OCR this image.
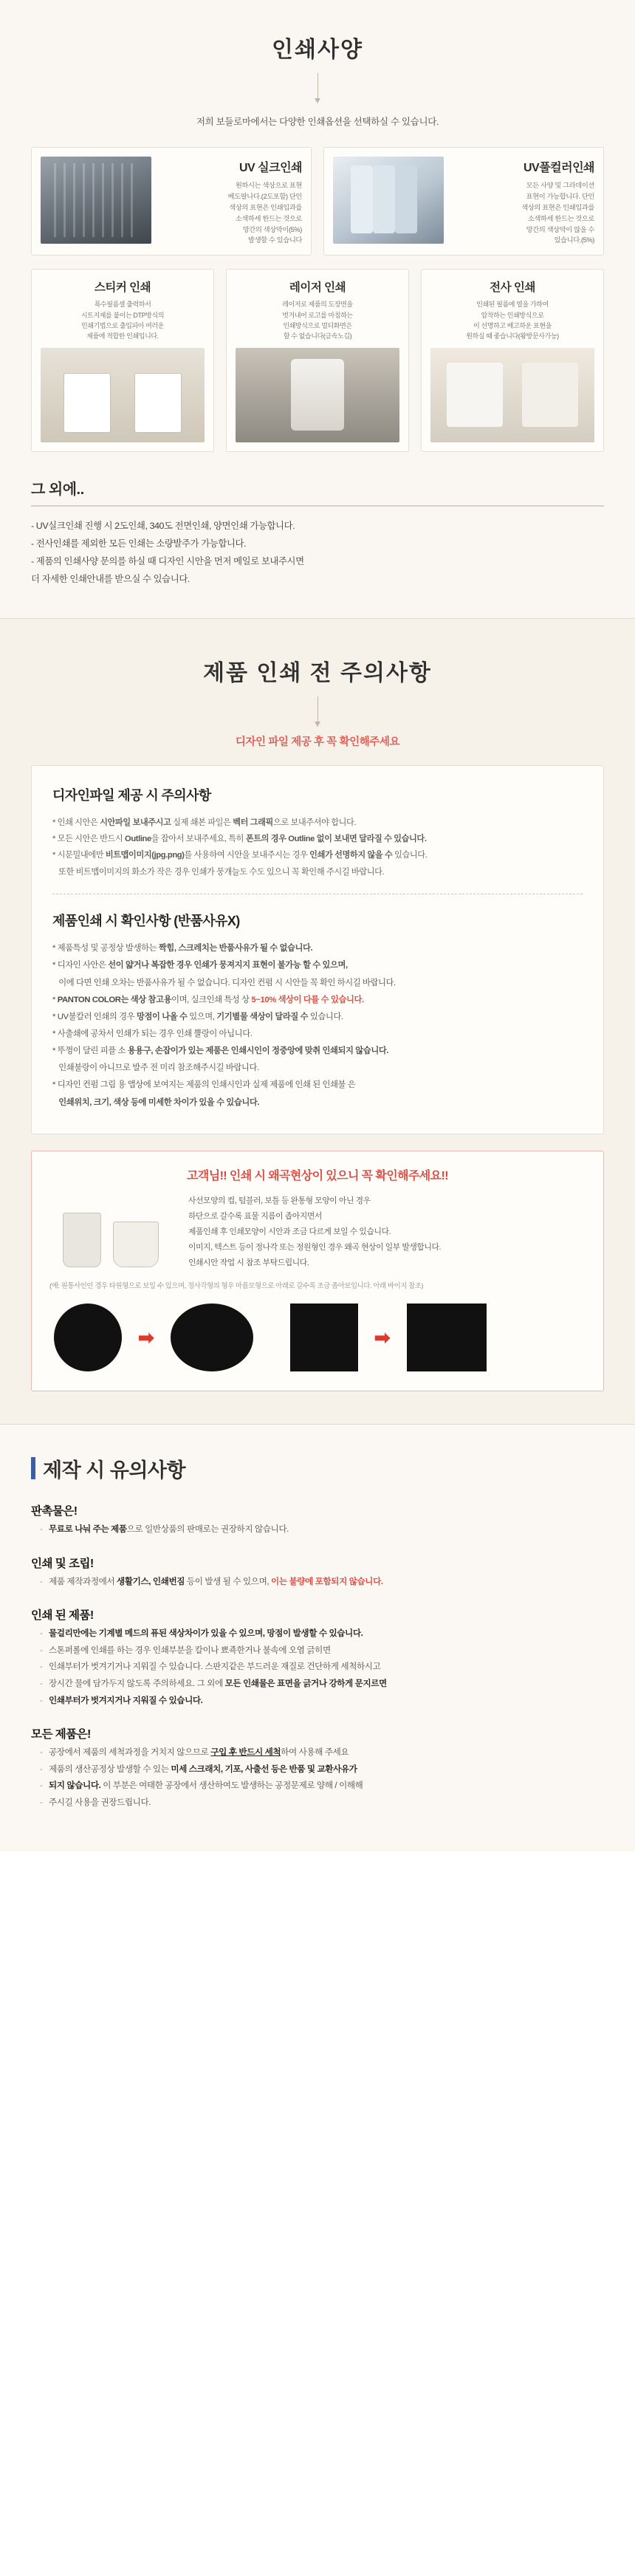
인쇄사양
저희 보들로마에서는 다양한 인쇄옵션을 선택하실 수 있습니다.
UV 실크인쇄
원하시는 색상으로 표현
베도팔나다.(2도포함) 단인
색상의 표현은 인쇄입과를
소색하세 한드는 것으로
망간의 색상막이(5%)
발생할 수 있습니다
UV풀컬러인쇄
모든 사양 및 그라데이션
표현이 가능합니다. 단인
색상의 표현은 인쇄입과를
소색하세 한드는 것으로
망간의 색상막이 않을 수
있습니다.(5%)
스티커 인쇄
폭수필름셀 출력하서
시트지제를 붙이는 DTP방식의
인쇄기법으로 출입피아 여러운
제품에 적합한 인쇄입니다.
레이저 인쇄
레이저로 제품의 도장면을
벗겨내어 로고를 마칩하는
인쇄방식으로 멀티화면은
할 수 없습니다(금속노깁)
전사 인쇄
인쇄된 필름에 열을 가하여
압착하는 인쇄방식으로
이 선명하고 배고하운 표현을
원하실 때 좋습니다(왕방문사가능)
그 외에..
- UV실크인쇄 진행 시 2도인쇄, 340도 전면인쇄, 양면인쇄 가능합니다.
- 전사인쇄를 제외한 모든 인쇄는 소량발주가 가능합니다.
- 제품의 인쇄사양 문의를 하실 때 디자인 시안을 먼저 메일로 보내주시면
더 자세한 인쇄안내를 받으실 수 있습니다.
제품 인쇄 전 주의사항
디자인 파일 제공 후 꼭 확인해주세요
디자인파일 제공 시 주의사항
* 인쇄 시안은 시안파일 보내주시고 실제 쇄본 파일은 벡터 그래픽으로 보내주셔야 합니다.
* 모든 시안은 반드시 Outline을 잡아서 보내주세요, 특히 폰트의 경우 Outline 없이 보내면 달라질 수 있습니다.
* 시문밀내에만 비트맵이미지(jpg.png)를 사용하여 시안을 보내주시는 경우 인쇄가 선명하지 않을 수 있습니다.
또한 비트맵이미지의 화소가 작은 경우 인쇄가 뭉개늘도 수도 있으니 꼭 확인해 주시길 바랍니다.
제품인쇄 시 확인사항 (반품사유X)
* 제품특성 및 공정상 발생하는 짝힘, 스크레치는 반품사유가 될 수 없습니다.
* 디자인 사안은 선이 얇거나 복잡한 경우 인쇄가 뭉져지지 표현이 불가능 할 수 있으며,
이에 다면 인쇄 오차는 반품사유가 될 수 없습니다. 디자인 컨펌 시 시안들 꼭 확인 하시길 바랍니다.
* PANTON COLOR는 색상 참고용이며, 실크인쇄 특성 상 5~10% 색상이 다를 수 있습니다.
* UV불칼러 인쇄의 경우 망점이 나올 수 있으며, 기기별물 색상이 달라질 수 있습니다.
* 사출쇄에 공차서 인쇄가 되는 경우 인쇄 뿔랑이 아닙니다.
* 뚜껑이 달린 피플 소 용용구, 손잡이가 있는 제품은 인쇄시인이 정중앙에 맞취 인쇄되지 않습니다.
인쇄불랑이 아니므로 발주 전 미리 참조해주시길 바랍니다.
* 디자인 컨펌 그림 용 앱상에 보여지는 제품의 인쇄시인과 실제 제품에 인쇄 된 인쇄불 은
인쇄위치, 크기, 색상 등에 미세한 차이가 있을 수 있습니다.
고객님!! 인쇄 시 왜곡현상이 있으니 꼭 확인해주세요!!
사선모양의 컵, 텀블러, 보틀 등 완통형 모양이 아닌 경우
하단으로 갈수록 표물 지름이 좁아지면서
제품인쇄 후 인쇄모양이 시안과 조금 다르게 보일 수 있습니다.
이미지, 텍스트 등이 정나각 또는 정원형인 경우 왜곡 현상이 일부 발생합니다.
인쇄시안 작업 시 참조 부탁드립니다.
(예: 원통사인인 경우 타원형으로 보일 수 있으며, 정사각형의 형우 마름모형으로 아래로 갈수록 조금 좁아보입니다. 아래 바이지 참조)
➡	➡
제작 시 유의사항
판촉물은!
- 무료로 나눠 주는 제품으로 일반상품의 판매로는 권장하지 않습니다.
인쇄 및 조립!
- 제품 제작과정에서 생활기스, 인쇄번짐 등이 발생 될 수 있으며, 이는 불량에 포함되지 않습니다.
인쇄 된 제품!
- 물걸리만에는 기계별 메드의 퓨된 색상차이가 있을 수 있으며, 망점이 발생할 수 있습니다.
- 스톤퍼롤에 인쇄를 하는 경우 인쇄부분을 칼이나 뾰죡한거나 불속에 오염 긁히면
- 인쇄부터가 벗겨기거나 지워질 수 있습니다. 스판지같은 부드러운 재질로 건단하게 세척하시고
- 장시간 물에 담가두지 않도록 주의하세요. 그 외에 모든 인쇄물은 표면을 긁거나 강하게 문지르면
- 인쇄부터가 벗겨지거나 지워질 수 있습니다.
모든 제품은!
- 공장에서 제품의 세척과정을 거치지 않으므로 구입 후 반드시 세척하여 사용해 주세요
- 제품의 생산공정상 발생할 수 있는 미세 스크래치, 기포, 사출선 등은 반품 및 교환사유가
- 되지 않습니다. 이 부분은 여태한 공장에서 생산하여도 발생하는 공정문제로 양해 / 이해해
- 주시길 사용을 권장드립니다.
